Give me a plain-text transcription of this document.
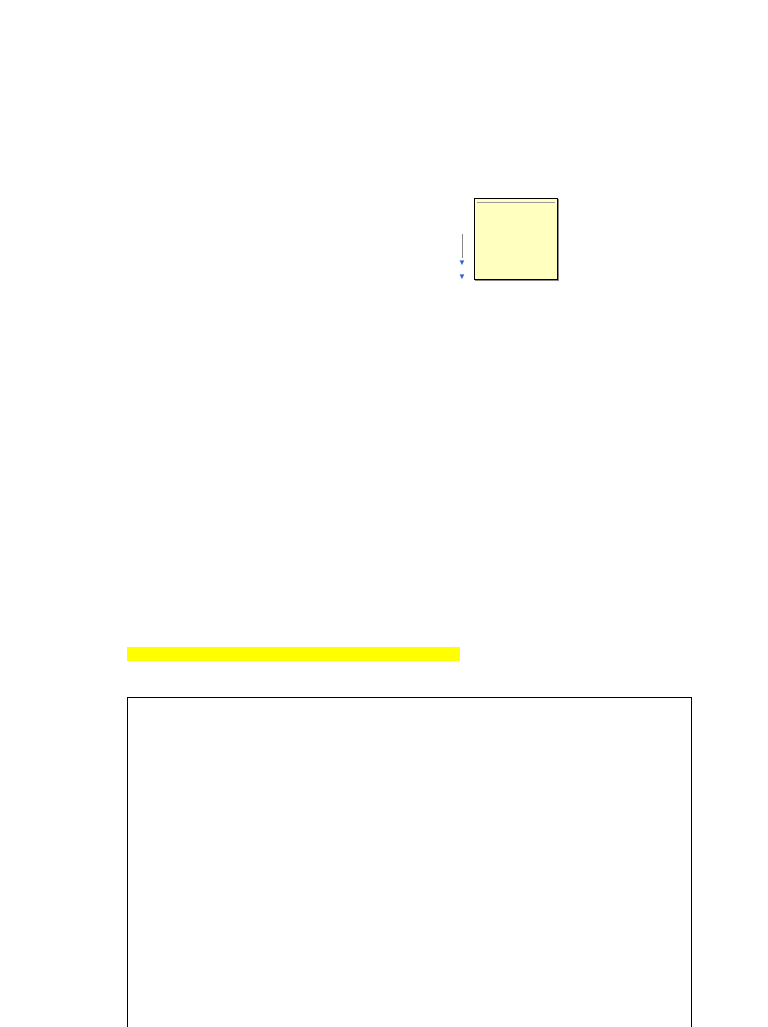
▼
▼
